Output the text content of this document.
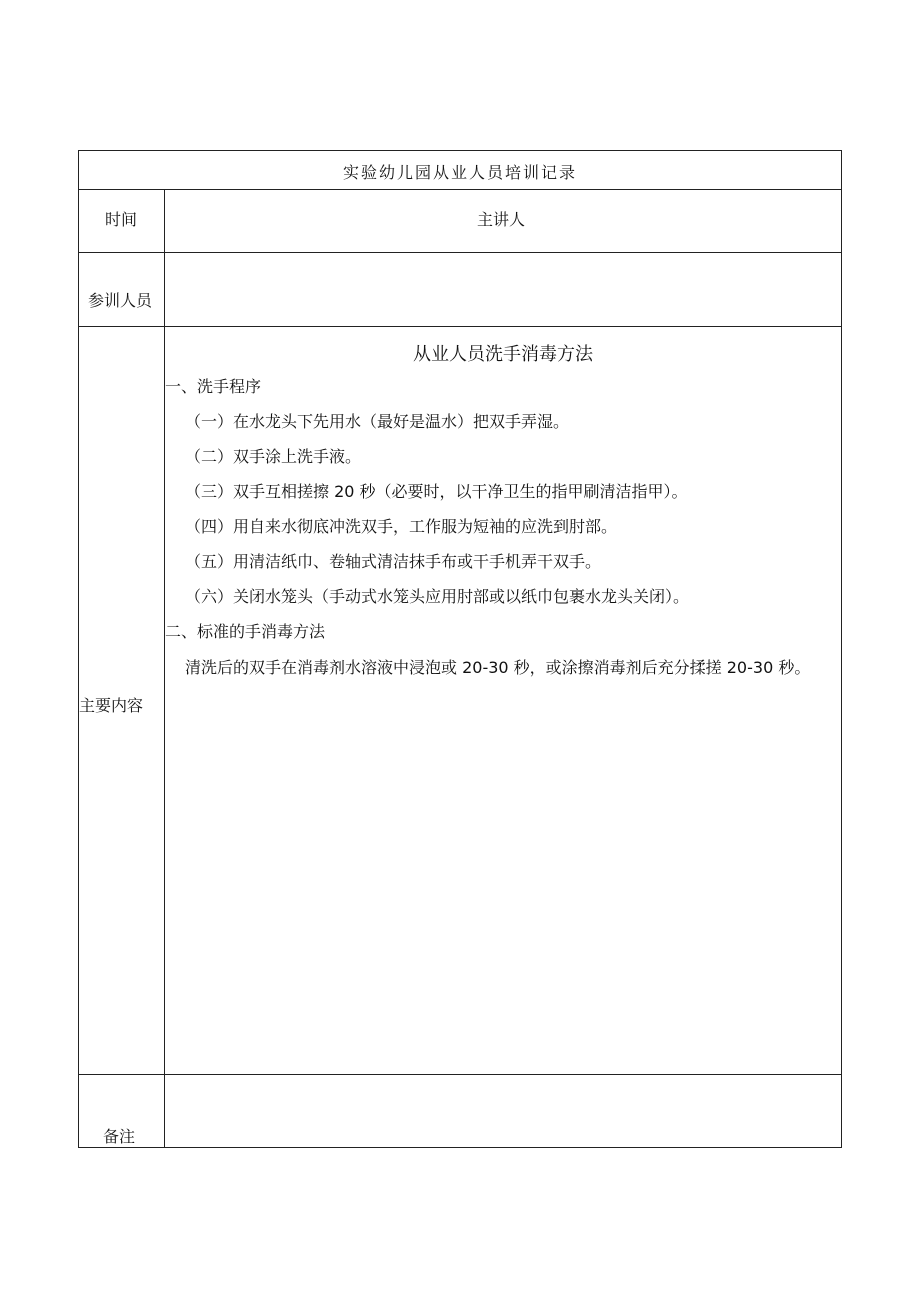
实验幼儿园从业人员培训记录
时间	主讲人
参训人员
主要内容
从业人员洗手消毒方法
一、洗手程序
（一）在水龙头下先用水（最好是温水）把双手弄湿。
（二）双手涂上洗手液。
（三）双手互相搓擦 20 秒（必要时，以干净卫生的指甲刷清洁指甲）。
（四）用自来水彻底冲洗双手，工作服为短袖的应洗到肘部。
（五）用清洁纸巾、卷轴式清洁抹手布或干手机弄干双手。
（六）关闭水笼头（手动式水笼头应用肘部或以纸巾包裹水龙头关闭）。
二、标准的手消毒方法
清洗后的双手在消毒剂水溶液中浸泡或 20-30 秒，或涂擦消毒剂后充分揉搓 20-30 秒。
备注
